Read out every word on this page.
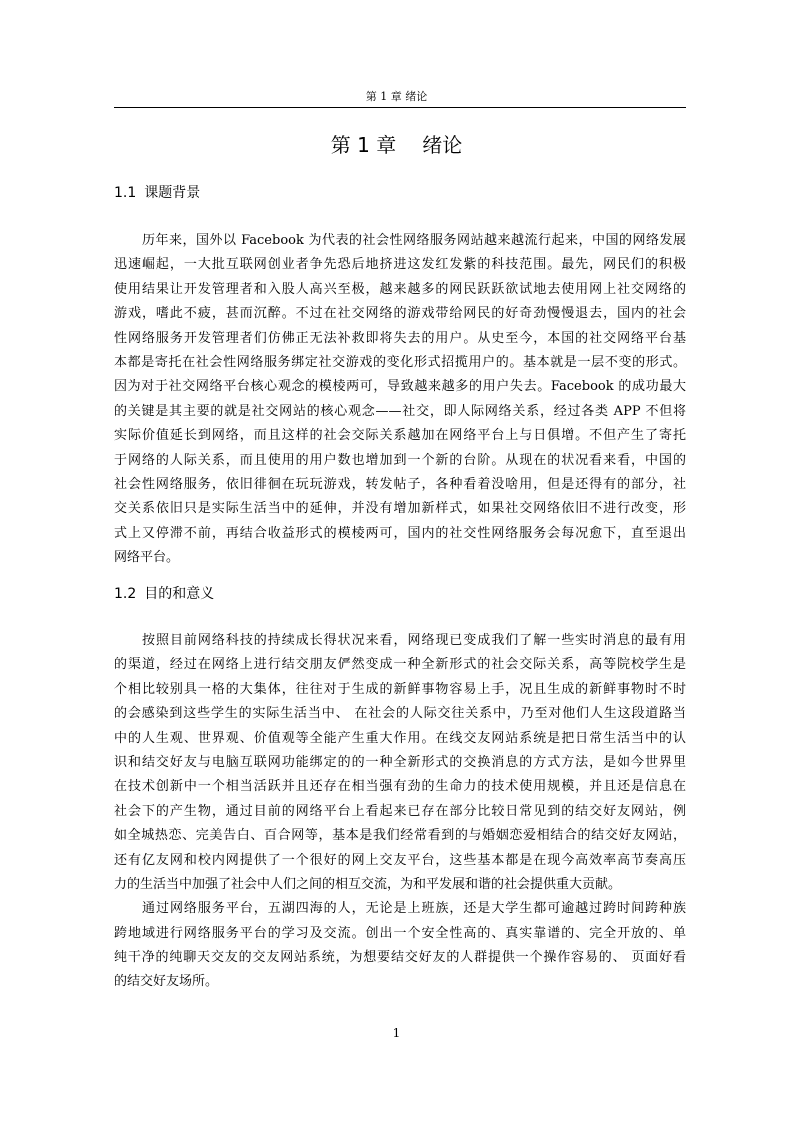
第 1 章 绪论
第 1 章 绪论
1.1 课题背景
历年来，国外以 Facebook 为代表的社会性网络服务网站越来越流行起来，中国的网络发展
迅速崛起，一大批互联网创业者争先恐后地挤进这发红发紫的科技范围。最先，网民们的积极
使用结果让开发管理者和入股人高兴至极，越来越多的网民跃跃欲试地去使用网上社交网络的
游戏，嗜此不疲，甚而沉醉。不过在社交网络的游戏带给网民的好奇劲慢慢退去，国内的社会
性网络服务开发管理者们仿佛正无法补救即将失去的用户。从史至今，本国的社交网络平台基
本都是寄托在社会性网络服务绑定社交游戏的变化形式招揽用户的。基本就是一层不变的形式。
因为对于社交网络平台核心观念的模棱两可，导致越来越多的用户失去。Facebook 的成功最大
的关键是其主要的就是社交网站的核心观念——社交，即人际网络关系，经过各类 APP 不但将
实际价值延长到网络，而且这样的社会交际关系越加在网络平台上与日俱增。不但产生了寄托
于网络的人际关系，而且使用的用户数也增加到一个新的台阶。从现在的状况看来看，中国的
社会性网络服务，依旧徘徊在玩玩游戏，转发帖子，各种看着没啥用，但是还得有的部分，社
交关系依旧只是实际生活当中的延伸，并没有增加新样式，如果社交网络依旧不进行改变，形
式上又停滞不前，再结合收益形式的模棱两可，国内的社交性网络服务会每况愈下，直至退出
网络平台。
1.2 目的和意义
按照目前网络科技的持续成长得状况来看，网络现已变成我们了解一些实时消息的最有用
的渠道，经过在网络上进行结交朋友俨然变成一种全新形式的社会交际关系，高等院校学生是
个相比较别具一格的大集体，往往对于生成的新鲜事物容易上手，况且生成的新鲜事物时不时
的会感染到这些学生的实际生活当中、 在社会的人际交往关系中，乃至对他们人生这段道路当
中的人生观、世界观、价值观等全能产生重大作用。在线交友网站系统是把日常生活当中的认
识和结交好友与电脑互联网功能绑定的的一种全新形式的交换消息的方式方法，是如今世界里
在技术创新中一个相当活跃并且还存在相当强有劲的生命力的技术使用规模，并且还是信息在
社会下的产生物，通过目前的网络平台上看起来已存在部分比较日常见到的结交好友网站，例
如全城热恋、完美告白、百合网等，基本是我们经常看到的与婚姻恋爱相结合的结交好友网站，
还有亿友网和校内网提供了一个很好的网上交友平台，这些基本都是在现今高效率高节奏高压
力的生活当中加强了社会中人们之间的相互交流，为和平发展和谐的社会提供重大贡献。
通过网络服务平台，五湖四海的人，无论是上班族，还是大学生都可逾越过跨时间跨种族
跨地域进行网络服务平台的学习及交流。创出一个安全性高的、真实靠谱的、完全开放的、单
纯干净的纯聊天交友的交友网站系统，为想要结交好友的人群提供一个操作容易的、 页面好看
的结交好友场所。
1
